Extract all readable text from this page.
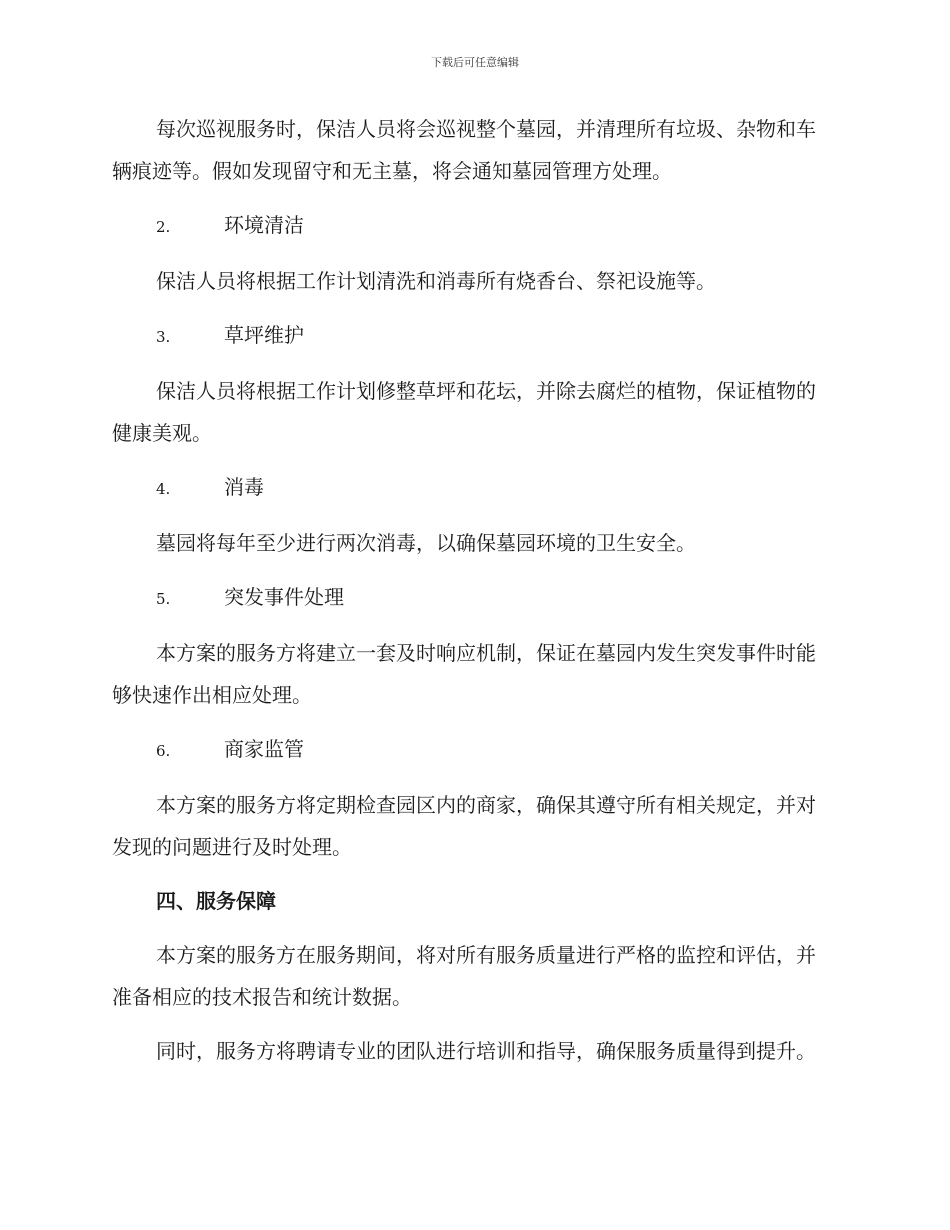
下载后可任意编辑

每次巡视服务时，保洁人员将会巡视整个墓园，并清理所有垃圾、杂物和车辆痕迹等。假如发现留守和无主墓，将会通知墓园管理方处理。

2.	环境清洁

保洁人员将根据工作计划清洗和消毒所有烧香台、祭祀设施等。

3.	草坪维护

保洁人员将根据工作计划修整草坪和花坛，并除去腐烂的植物，保证植物的健康美观。

4.	消毒

墓园将每年至少进行两次消毒，以确保墓园环境的卫生安全。

5.	突发事件处理

本方案的服务方将建立一套及时响应机制，保证在墓园内发生突发事件时能够快速作出相应处理。

6.	商家监管

本方案的服务方将定期检查园区内的商家，确保其遵守所有相关规定，并对发现的问题进行及时处理。

四、服务保障

本方案的服务方在服务期间，将对所有服务质量进行严格的监控和评估，并准备相应的技术报告和统计数据。

同时，服务方将聘请专业的团队进行培训和指导，确保服务质量得到提升。
